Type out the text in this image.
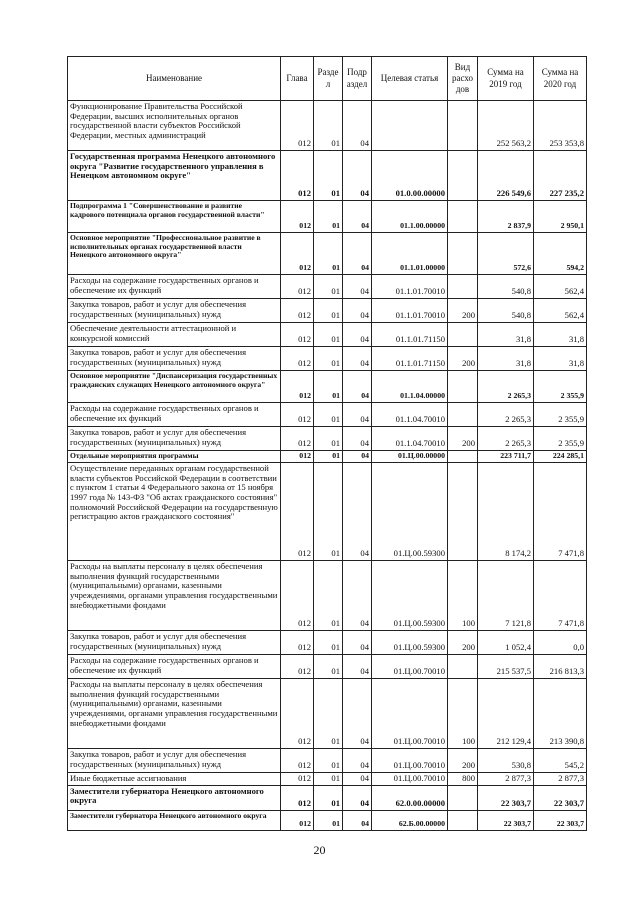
Наименование	Глава	Разде л	Подр аздел	Целевая статья	Вид расхо дов	Сумма на 2019 год	Сумма на 2020 год
Функционирование Правительства Российской Федерации, высших исполнительных органов государственной власти субъектов Российской Федерации, местных администраций	012	01	04			252 563,2	253 353,8
Государственная программа Ненецкого автономного округа "Развитие государственного управления в Ненецком автономном округе"	012	01	04	01.0.00.00000		226 549,6	227 235,2
Подпрограмма 1 "Совершенствование и развитие кадрового потенциала органов государственной власти"	012	01	04	01.1.00.00000		2 837,9	2 950,1
Основное мероприятие "Профессиональное развитие в исполнительных органах государственной власти Ненецкого автономного округа"	012	01	04	01.1.01.00000		572,6	594,2
Расходы на содержание государственных органов и обеспечение их функций	012	01	04	01.1.01.70010		540,8	562,4
Закупка товаров, работ и услуг для обеспечения государственных (муниципальных) нужд	012	01	04	01.1.01.70010	200	540,8	562,4
Обеспечение деятельности аттестационной и конкурсной комиссий	012	01	04	01.1.01.71150		31,8	31,8
Закупка товаров, работ и услуг для обеспечения государственных (муниципальных) нужд	012	01	04	01.1.01.71150	200	31,8	31,8
Основное мероприятие "Диспансеризация государственных гражданских служащих Ненецкого автономного округа"	012	01	04	01.1.04.00000		2 265,3	2 355,9
Расходы на содержание государственных органов и обеспечение их функций	012	01	04	01.1.04.70010		2 265,3	2 355,9
Закупка товаров, работ и услуг для обеспечения государственных (муниципальных) нужд	012	01	04	01.1.04.70010	200	2 265,3	2 355,9
Отдельные мероприятия программы	012	01	04	01.Ц.00.00000		223 711,7	224 285,1
Осуществление переданных органам государственной власти субъектов Российской Федерации в соответствии с пунктом 1 статьи 4 Федерального закона от 15 ноября 1997 года № 143-ФЗ "Об актах гражданского состояния" полномочий Российской Федерации на государственную регистрацию актов гражданского состояния"	012	01	04	01.Ц.00.59300		8 174,2	7 471,8
Расходы на выплаты персоналу в целях обеспечения выполнения функций государственными (муниципальными) органами, казенными учреждениями, органами управления государственными внебюджетными фондами	012	01	04	01.Ц.00.59300	100	7 121,8	7 471,8
Закупка товаров, работ и услуг для обеспечения государственных (муниципальных) нужд	012	01	04	01.Ц.00.59300	200	1 052,4	0,0
Расходы на содержание государственных органов и обеспечение их функций	012	01	04	01.Ц.00.70010		215 537,5	216 813,3
Расходы на выплаты персоналу в целях обеспечения выполнения функций государственными (муниципальными) органами, казенными учреждениями, органами управления государственными внебюджетными фондами	012	01	04	01.Ц.00.70010	100	212 129,4	213 390,8
Закупка товаров, работ и услуг для обеспечения государственных (муниципальных) нужд	012	01	04	01.Ц.00.70010	200	530,8	545,2
Иные бюджетные ассигнования	012	01	04	01.Ц.00.70010	800	2 877,3	2 877,3
Заместители губернатора Ненецкого автономного округа	012	01	04	62.0.00.00000		22 303,7	22 303,7
Заместители губернатора Ненецкого автономного округа	012	01	04	62.Б.00.00000		22 303,7	22 303,7
20
